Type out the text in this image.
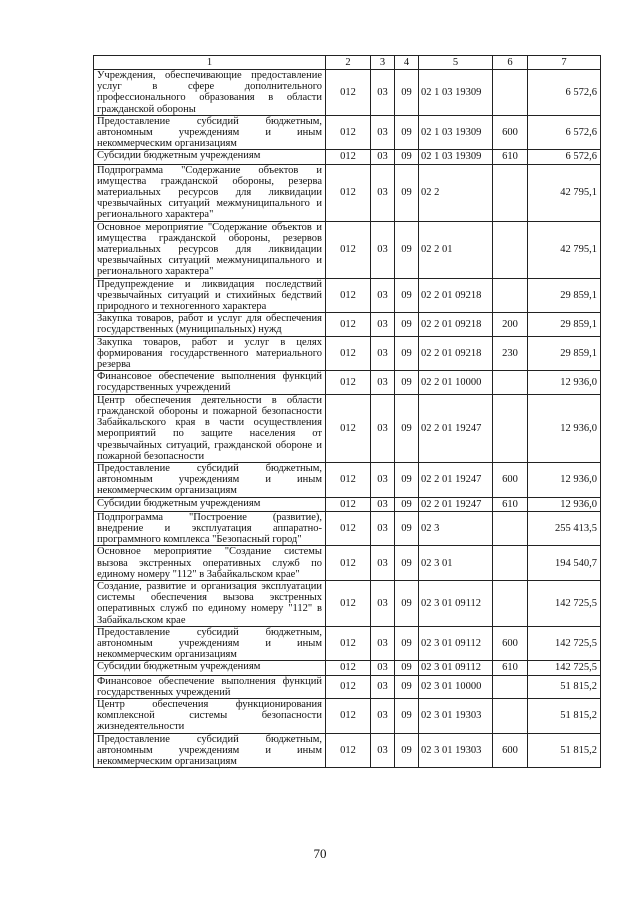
1	2	3	4	5	6	7
Учреждения, обеспечивающие предоставление услуг в сфере дополнительного профессионального образования в области гражданской обороны	012	03	09	02 1 03 19309		6 572,6
Предоставление субсидий бюджетным, автономным учреждениям и иным некоммерческим организациям	012	03	09	02 1 03 19309	600	6 572,6
Субсидии бюджетным учреждениям	012	03	09	02 1 03 19309	610	6 572,6
Подпрограмма "Содержание объектов и имущества гражданской обороны, резерва материальных ресурсов для ликвидации чрезвычайных ситуаций межмуниципального и регионального характера"	012	03	09	02 2		42 795,1
Основное мероприятие "Содержание объектов и имущества гражданской обороны, резервов материальных ресурсов для ликвидации чрезвычайных ситуаций межмуниципального и регионального характера"	012	03	09	02 2 01		42 795,1
Предупреждение и ликвидация последствий чрезвычайных ситуаций и стихийных бедствий природного и техногенного характера	012	03	09	02 2 01 09218		29 859,1
Закупка товаров, работ и услуг для обеспечения государственных (муниципальных) нужд	012	03	09	02 2 01 09218	200	29 859,1
Закупка товаров, работ и услуг в целях формирования государственного материального резерва	012	03	09	02 2 01 09218	230	29 859,1
Финансовое обеспечение выполнения функций государственных учреждений	012	03	09	02 2 01 10000		12 936,0
Центр обеспечения деятельности в области гражданской обороны и пожарной безопасности Забайкальского края в части осуществления мероприятий по защите населения от чрезвычайных ситуаций, гражданской обороне и пожарной безопасности	012	03	09	02 2 01 19247		12 936,0
Предоставление субсидий бюджетным, автономным учреждениям и иным некоммерческим организациям	012	03	09	02 2 01 19247	600	12 936,0
Субсидии бюджетным учреждениям	012	03	09	02 2 01 19247	610	12 936,0
Подпрограмма "Построение (развитие), внедрение и эксплуатация аппаратно-программного комплекса "Безопасный город"	012	03	09	02 3		255 413,5
Основное мероприятие "Создание системы вызова экстренных оперативных служб по единому номеру "112" в Забайкальском крае"	012	03	09	02 3 01		194 540,7
Создание, развитие и организация эксплуатации системы обеспечения вызова экстренных оперативных служб по единому номеру "112" в Забайкальском крае	012	03	09	02 3 01 09112		142 725,5
Предоставление субсидий бюджетным, автономным учреждениям и иным некоммерческим организациям	012	03	09	02 3 01 09112	600	142 725,5
Субсидии бюджетным учреждениям	012	03	09	02 3 01 09112	610	142 725,5
Финансовое обеспечение выполнения функций государственных учреждений	012	03	09	02 3 01 10000		51 815,2
Центр обеспечения функционирования комплексной системы безопасности жизнедеятельности	012	03	09	02 3 01 19303		51 815,2
Предоставление субсидий бюджетным, автономным учреждениям и иным некоммерческим организациям	012	03	09	02 3 01 19303	600	51 815,2
70
